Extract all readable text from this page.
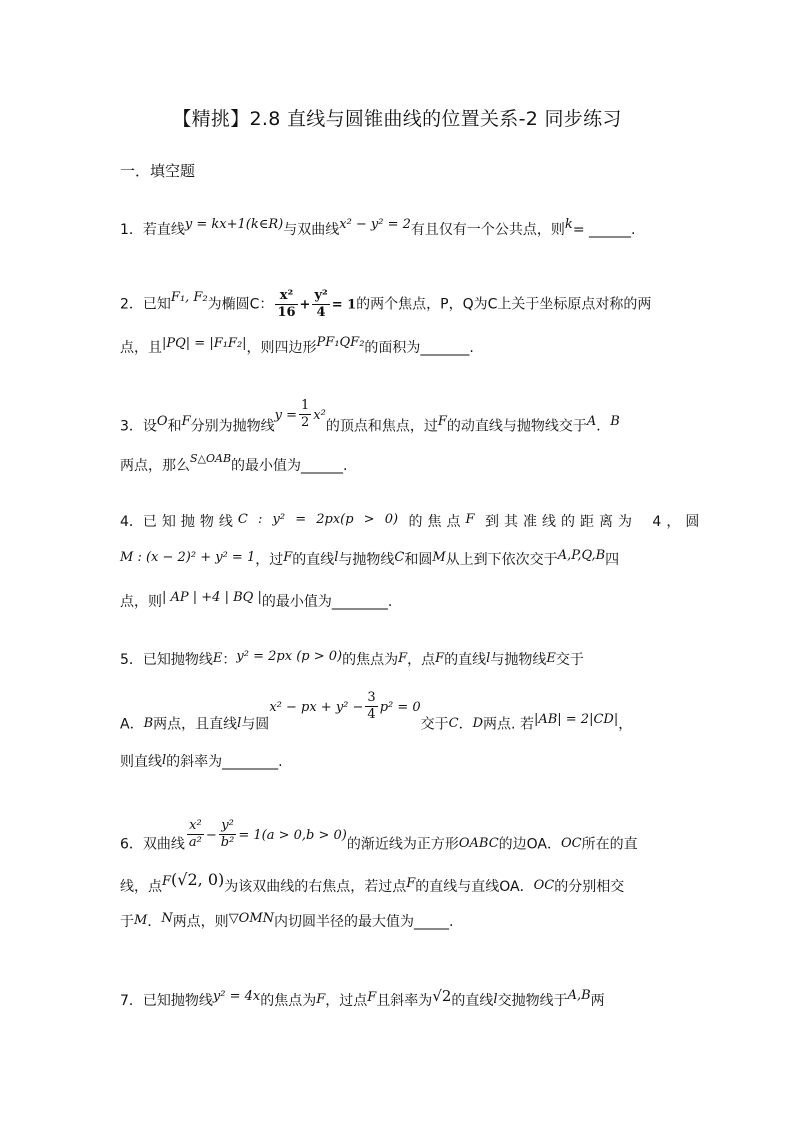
【精挑】2.8 直线与圆锥曲线的位置关系-2 同步练习
一．填空题
1．若直线y = kx+1(k∈R)与双曲线x² − y² = 2有且仅有一个公共点，则k= ______.
2．已知F₁, F₂为椭圆C： $\frac{\text{x²}}{16} + \frac{\text{y²}}{4} = 1$的两个焦点，P，Q为C上关于坐标原点对称的两
点，且|PQ| = |F₁F₂|，则四边形PF₁QF₂的面积为_______.
3．设O和F分别为抛物线$y = \frac{1}{2} x^2$的顶点和焦点，过F的动直线与抛物线交于A．B
两点，那么$^{S\triangle OAB}$的最小值为______.
4．已知抛物线C : y² = 2px(p > 0) 的焦点F 到其准线的距离为 4，圆
M : (x − 2)² + y² = 1，过F的直线l与抛物线C和圆M从上到下依次交于A,P,Q,B四
点，则| AP | +4 | BQ |的最小值为________.
5．已知抛物线E：y² = 2px (p > 0)的焦点为F，点F的直线l与抛物线E交于
A．B两点，且直线l与圆x² − px + $y^2 - \frac{3}{4} p^2 = 0$交于C．D两点. 若|AB| = 2|CD|，
则直线l的斜率为________.
6．双曲线 $\frac{\text{x²}}{\text{a²}} - \frac{\text{y²}}{\text{b²}} = 1(a > 0,b > 0)$的渐近线为正方形OABC的边OA．OC所在的直
线，点F(√2, 0)为该双曲线的右焦点，若过点F的直线与直线OA．OC的分别相交
于M．N两点，则▽OMN内切圆半径的最大值为_____.
7．已知抛物线y² = 4x的焦点为F，过点F且斜率为√2的直线l交抛物线于A,B两
